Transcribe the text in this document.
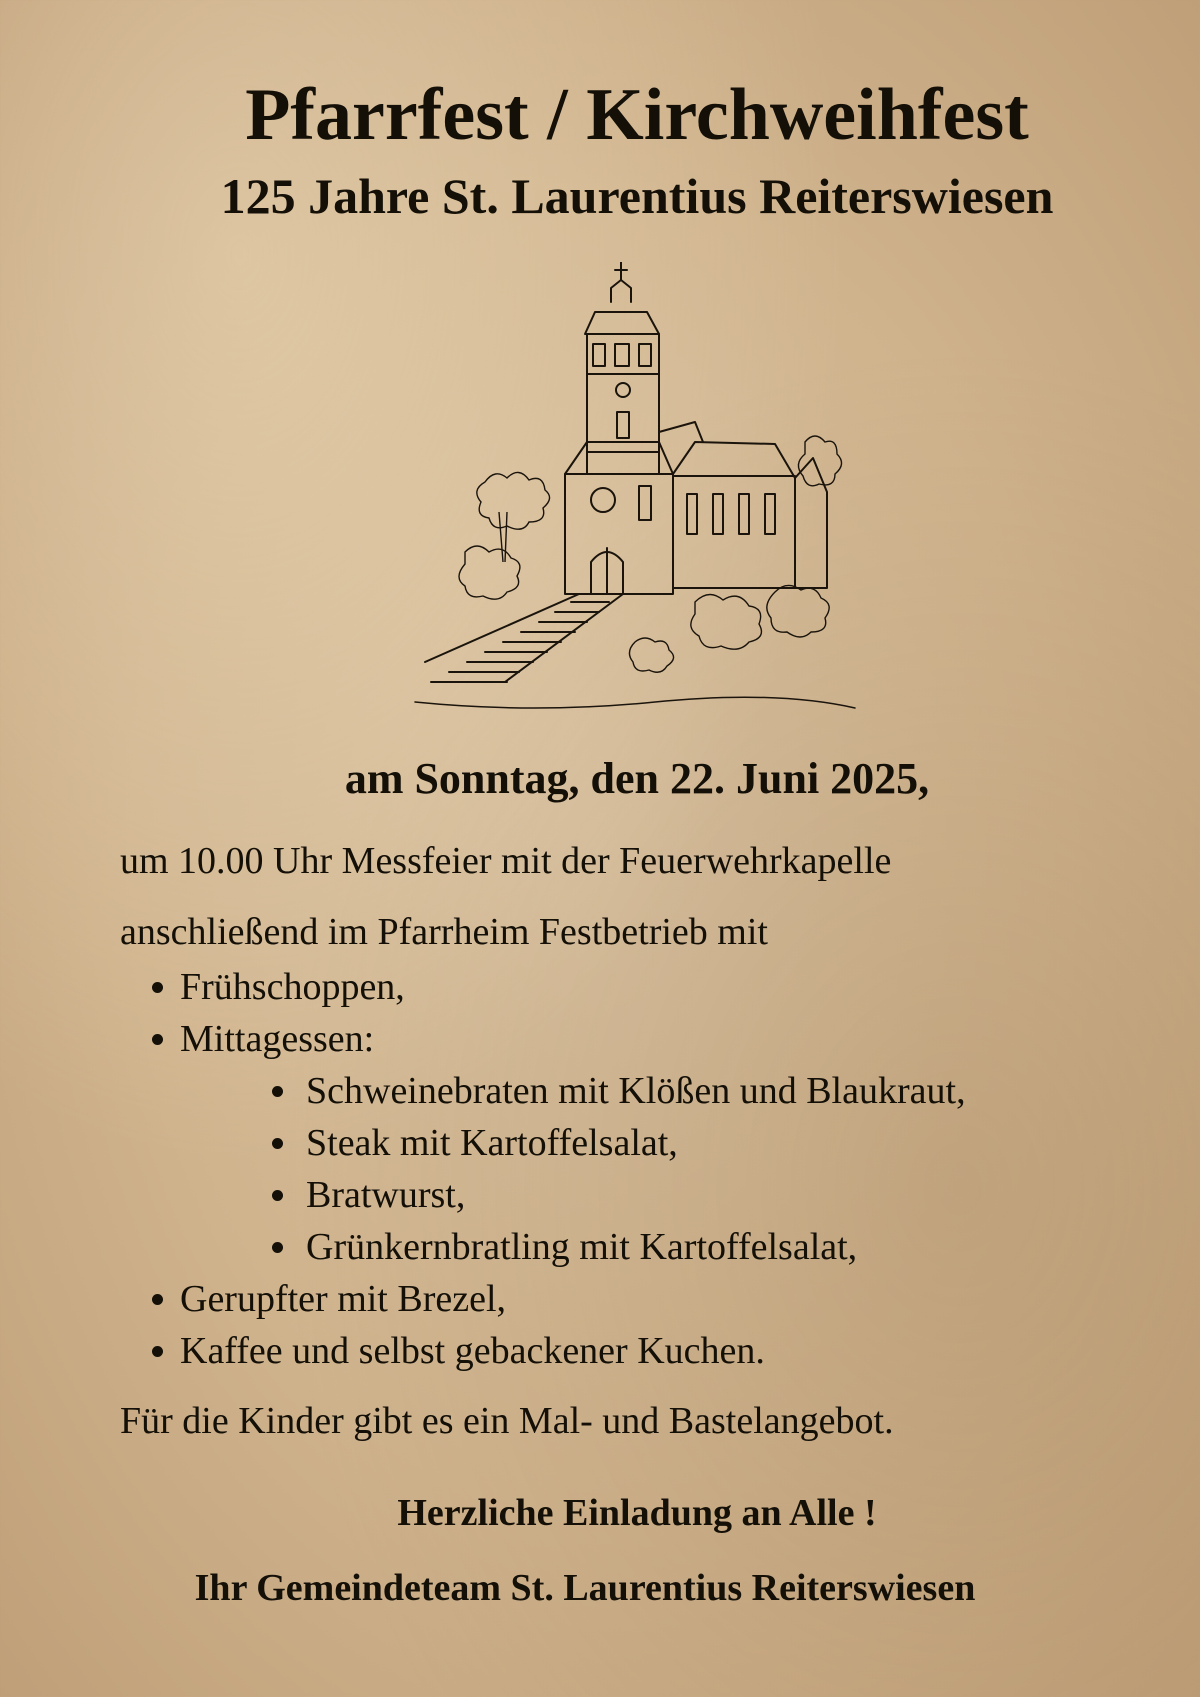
Pfarrfest / Kirchweihfest
125 Jahre St. Laurentius Reiterswiesen
am Sonntag, den 22. Juni 2025,
um 10.00 Uhr Messfeier mit der Feuerwehrkapelle
anschließend im Pfarrheim Festbetrieb mit
Frühschoppen,
Mittagessen:
Schweinebraten mit Klößen und Blaukraut,
Steak mit Kartoffelsalat,
Bratwurst,
Grünkernbratling mit Kartoffelsalat,
Gerupfter mit Brezel,
Kaffee und selbst gebackener Kuchen.
Für die Kinder gibt es ein Mal- und Bastelangebot.
Herzliche Einladung an Alle !
Ihr Gemeindeteam St. Laurentius Reiterswiesen
